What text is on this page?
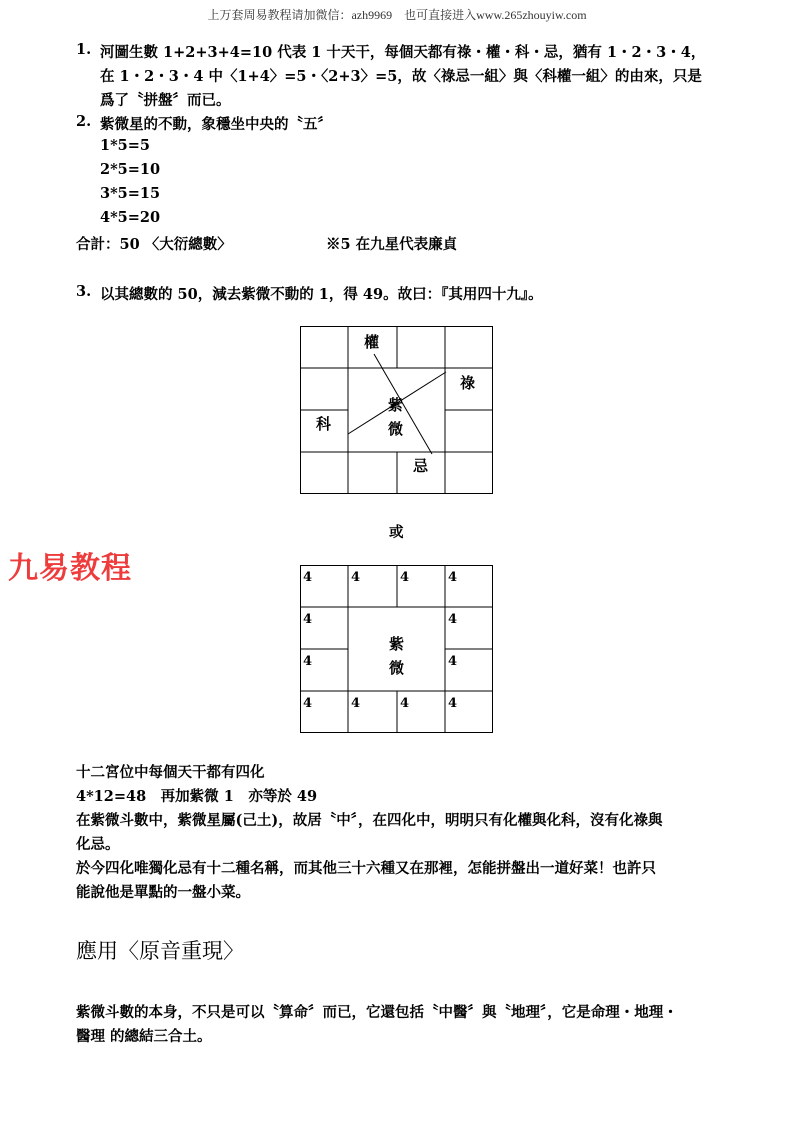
上万套周易教程请加微信：azh9969　也可直接进入www.265zhouyiw.com
1. 河圖生數 1+2+3+4=10 代表 1 十天干，每個天都有祿・權・科・忌，猶有 1・2・3・4，
在 1・2・3・4 中〈1+4〉=5・〈2+3〉=5，故〈祿忌一組〉與〈科權一組〉的由來，只是
爲了〝拼盤〞而已。
2. 紫微星的不動，象穩坐中央的〝五〞
1*5=5
2*5=10
3*5=15
4*5=20
合計：50 〈大衍總數〉	※5 在九星代表廉貞
3. 以其總數的 50，減去紫微不動的 1，得 49。故曰：『其用四十九』。
權
祿
科
忌
紫
微
或
4	4	4	4
4	4
4	4
4	4	4	4
紫
微
九易教程
十二宮位中每個天干都有四化
4*12=48　再加紫微 1　亦等於 49
在紫微斗數中，紫微星屬(己土)，故居〝中〞，在四化中，明明只有化權與化科，沒有化祿與
化忌。
於今四化唯獨化忌有十二種名稱，而其他三十六種又在那裡，怎能拼盤出一道好菜！也許只
能說他是單點的一盤小菜。
應用〈原音重現〉
紫微斗數的本身，不只是可以〝算命〞而已，它還包括〝中醫〞與〝地理〞，它是命理・地理・
醫理 的總結三合土。
